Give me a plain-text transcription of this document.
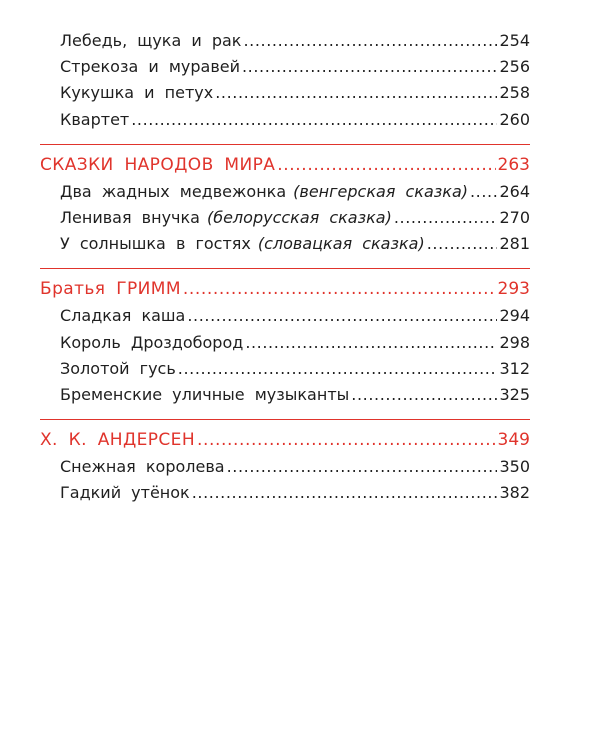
Лебедь, щука и рак .....	254
Стрекоза и муравей .....	256
Кукушка и петух .....	258
Квартет .....	260
СКАЗКИ НАРОДОВ МИРА .....	263
Два жадных медвежонка (венгерская сказка) ..... 264
Ленивая внучка (белорусская сказка) .....	270
У солнышка в гостях (словацкая сказка) .....	281
Братья ГРИММ .....	293
Сладкая каша .....	294
Король Дроздобород .....	298
Золотой гусь .....	312
Бременские уличные музыканты .....	325
Х. К. АНДЕРСЕН .....	349
Снежная королева .....	350
Гадкий утёнок .....	382
